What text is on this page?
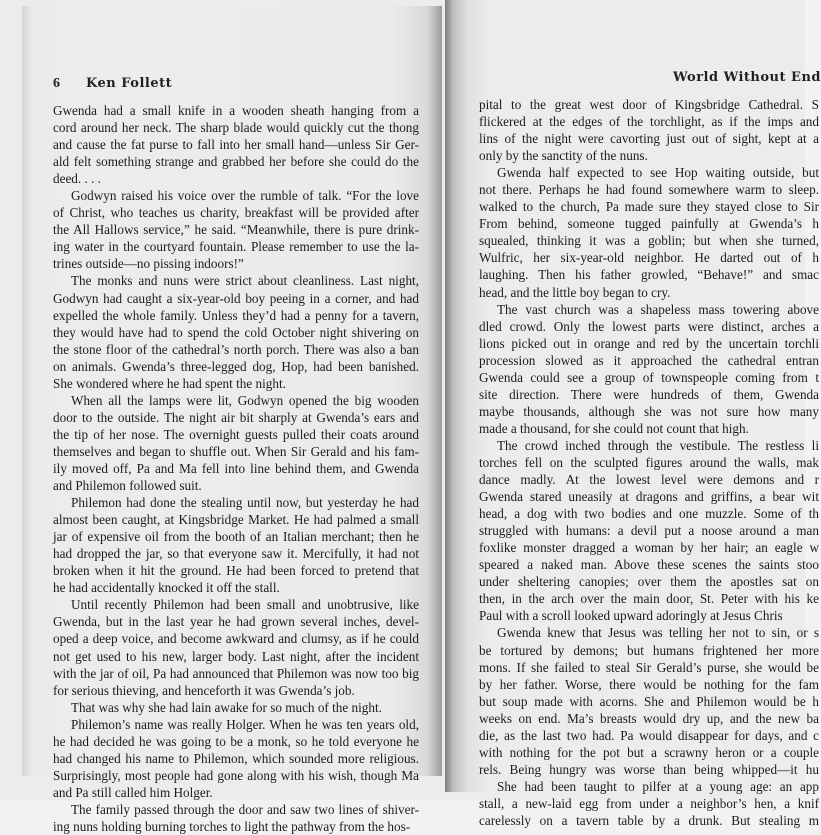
6 Ken Follett
Gwenda had a small knife in a wooden sheath hanging from a
cord around her neck. The sharp blade would quickly cut the thong
and cause the fat purse to fall into her small hand—unless Sir Ger-
ald felt something strange and grabbed her before she could do the
deed. . . .
Godwyn raised his voice over the rumble of talk. “For the love
of Christ, who teaches us charity, breakfast will be provided after
the All Hallows service,” he said. “Meanwhile, there is pure drink-
ing water in the courtyard fountain. Please remember to use the la-
trines outside—no pissing indoors!”
The monks and nuns were strict about cleanliness. Last night,
Godwyn had caught a six-year-old boy peeing in a corner, and had
expelled the whole family. Unless they’d had a penny for a tavern,
they would have had to spend the cold October night shivering on
the stone floor of the cathedral’s north porch. There was also a ban
on animals. Gwenda’s three-legged dog, Hop, had been banished.
She wondered where he had spent the night.
When all the lamps were lit, Godwyn opened the big wooden
door to the outside. The night air bit sharply at Gwenda’s ears and
the tip of her nose. The overnight guests pulled their coats around
themselves and began to shuffle out. When Sir Gerald and his fam-
ily moved off, Pa and Ma fell into line behind them, and Gwenda
and Philemon followed suit.
Philemon had done the stealing until now, but yesterday he had
almost been caught, at Kingsbridge Market. He had palmed a small
jar of expensive oil from the booth of an Italian merchant; then he
had dropped the jar, so that everyone saw it. Mercifully, it had not
broken when it hit the ground. He had been forced to pretend that
he had accidentally knocked it off the stall.
Until recently Philemon had been small and unobtrusive, like
Gwenda, but in the last year he had grown several inches, devel-
oped a deep voice, and become awkward and clumsy, as if he could
not get used to his new, larger body. Last night, after the incident
with the jar of oil, Pa had announced that Philemon was now too big
for serious thieving, and henceforth it was Gwenda’s job.
That was why she had lain awake for so much of the night.
Philemon’s name was really Holger. When he was ten years old,
he had decided he was going to be a monk, so he told everyone he
had changed his name to Philemon, which sounded more religious.
Surprisingly, most people had gone along with his wish, though Ma
and Pa still called him Holger.
The family passed through the door and saw two lines of shiver-
ing nuns holding burning torches to light the pathway from the hos-
World Without End
pital to the great west door of Kingsbridge Cathedral. S
flickered at the edges of the torchlight, as if the imps and
lins of the night were cavorting just out of sight, kept at a
only by the sanctity of the nuns.
Gwenda half expected to see Hop waiting outside, but
not there. Perhaps he had found somewhere warm to sleep.
walked to the church, Pa made sure they stayed close to Sir
From behind, someone tugged painfully at Gwenda’s h
squealed, thinking it was a goblin; but when she turned,
Wulfric, her six-year-old neighbor. He darted out of h
laughing. Then his father growled, “Behave!” and smac
head, and the little boy began to cry.
The vast church was a shapeless mass towering above
dled crowd. Only the lowest parts were distinct, arches a
lions picked out in orange and red by the uncertain torchli
procession slowed as it approached the cathedral entran
Gwenda could see a group of townspeople coming from t
site direction. There were hundreds of them, Gwenda
maybe thousands, although she was not sure how many
made a thousand, for she could not count that high.
The crowd inched through the vestibule. The restless li
torches fell on the sculpted figures around the walls, mak
dance madly. At the lowest level were demons and r
Gwenda stared uneasily at dragons and griffins, a bear wit
head, a dog with two bodies and one muzzle. Some of th
struggled with humans: a devil put a noose around a man
foxlike monster dragged a woman by her hair; an eagle w
speared a naked man. Above these scenes the saints stoo
under sheltering canopies; over them the apostles sat on
then, in the arch over the main door, St. Peter with his ke
Paul with a scroll looked upward adoringly at Jesus Chris
Gwenda knew that Jesus was telling her not to sin, or s
be tortured by demons; but humans frightened her more
mons. If she failed to steal Sir Gerald’s purse, she would be
by her father. Worse, there would be nothing for the fam
but soup made with acorns. She and Philemon would be h
weeks on end. Ma’s breasts would dry up, and the new ba
die, as the last two had. Pa would disappear for days, and c
with nothing for the pot but a scrawny heron or a couple
rels. Being hungry was worse than being whipped—it hu
She had been taught to pilfer at a young age: an app
stall, a new-laid egg from under a neighbor’s hen, a knif
carelessly on a tavern table by a drunk. But stealing m
